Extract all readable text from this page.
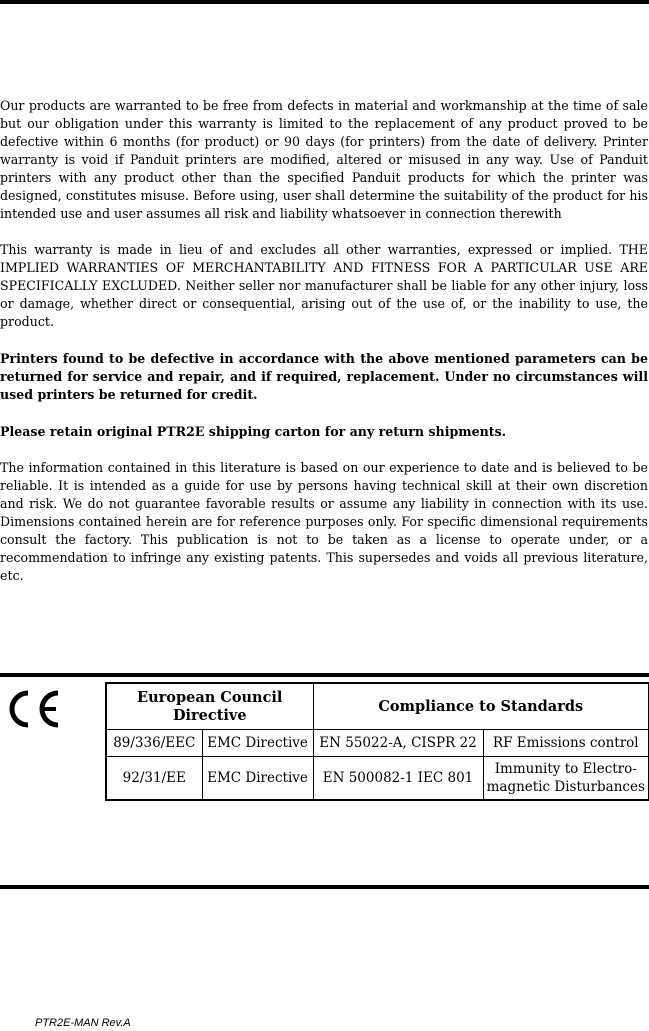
Our products are warranted to be free from defects in material and workmanship at the time of sale but our obligation under this warranty is limited to the replacement of any product proved to be defective within 6 months (for product) or 90 days (for printers) from the date of delivery. Printer warranty is void if Panduit printers are modified, altered or misused in any way. Use of Panduit printers with any product other than the specified Panduit products for which the printer was designed, constitutes misuse. Before using, user shall determine the suitability of the product for his intended use and user assumes all risk and liability whatsoever in connection therewith

This warranty is made in lieu of and excludes all other warranties, expressed or implied. THE IMPLIED WARRANTIES OF MERCHANTABILITY AND FITNESS FOR A PARTICULAR USE ARE SPECIFICALLY EXCLUDED. Neither seller nor manufacturer shall be liable for any other injury, loss or damage, whether direct or consequential, arising out of the use of, or the inability to use, the product.

Printers found to be defective in accordance with the above mentioned parameters can be returned for service and repair, and if required, replacement. Under no circumstances will used printers be returned for credit.

Please retain original PTR2E shipping carton for any return shipments.

The information contained in this literature is based on our experience to date and is believed to be reliable. It is intended as a guide for use by persons having technical skill at their own discretion and risk. We do not guarantee favorable results or assume any liability in connection with its use. Dimensions contained herein are for reference purposes only. For specific dimensional requirements consult the factory. This publication is not to be taken as a license to operate under, or a recommendation to infringe any existing patents. This supersedes and voids all previous literature, etc.

European Council Directive		Compliance to Standards	
89/336/EEC	EMC Directive	EN 55022-A, CISPR 22	RF Emissions control
92/31/EE	EMC Directive	EN 500082-1 IEC 801	Immunity to Electro-magnetic Disturbances
PTR2E-MAN Rev.A
